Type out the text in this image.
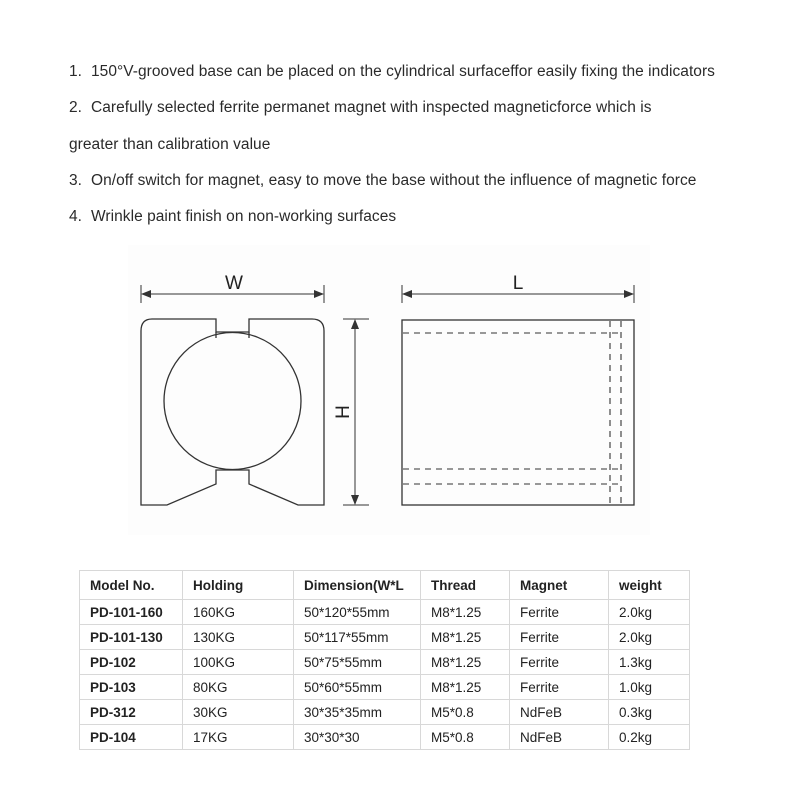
1. 150°V-grooved base can be placed on the cylindrical surfaceffor easily fixing the indicators
2. Carefully selected ferrite permanet magnet with inspected magneticforce which is
greater than calibration value
3. On/off switch for magnet, easy to move the base without the influence of magnetic force
4. Wrinkle paint finish on non-working surfaces
W
H
L
Model No.	Holding	Dimension(W*L	Thread	Magnet	weight
PD-101-160	160KG	50*120*55mm	M8*1.25	Ferrite	2.0kg
PD-101-130	130KG	50*117*55mm	M8*1.25	Ferrite	2.0kg
PD-102	100KG	50*75*55mm	M8*1.25	Ferrite	1.3kg
PD-103	80KG	50*60*55mm	M8*1.25	Ferrite	1.0kg
PD-312	30KG	30*35*35mm	M5*0.8	NdFeB	0.3kg
PD-104	17KG	30*30*30	M5*0.8	NdFeB	0.2kg
